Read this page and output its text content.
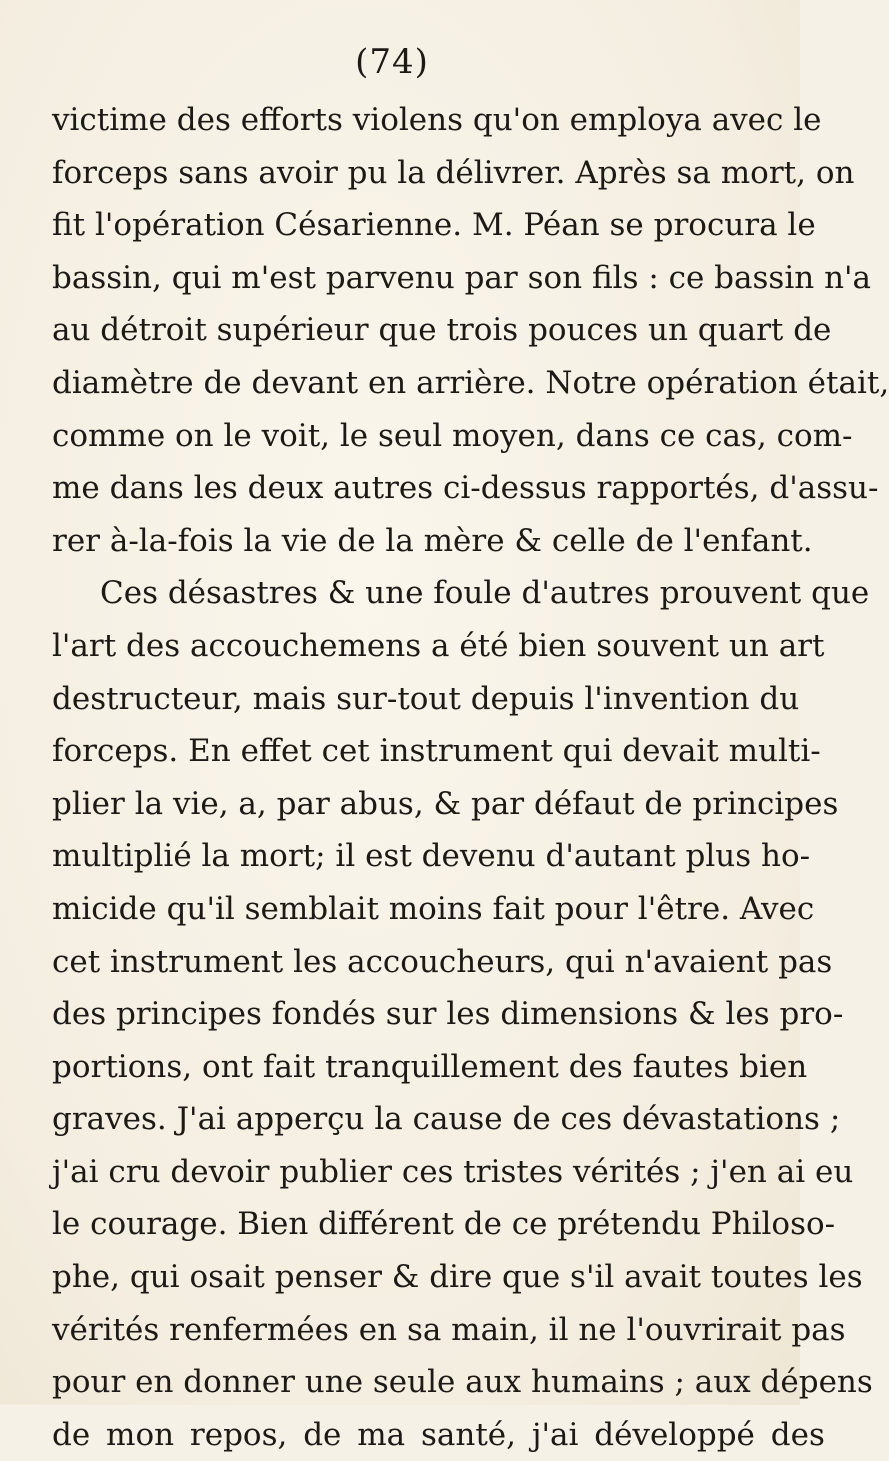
(74)
victime des efforts violens qu'on employa avec le
forceps sans avoir pu la délivrer. Après sa mort, on
fit l'opération Césarienne. M. Péan se procura le
bassin, qui m'est parvenu par son fils : ce bassin n'a
au détroit supérieur que trois pouces un quart de
diamètre de devant en arrière. Notre opération était,
comme on le voit, le seul moyen, dans ce cas, com-
me dans les deux autres ci-dessus rapportés, d'assu-
rer à-la-fois la vie de la mère & celle de l'enfant.
Ces désastres & une foule d'autres prouvent que
l'art des accouchemens a été bien souvent un art
destructeur, mais sur-tout depuis l'invention du
forceps. En effet cet instrument qui devait multi-
plier la vie, a, par abus, & par défaut de principes
multiplié la mort; il est devenu d'autant plus ho-
micide qu'il semblait moins fait pour l'être. Avec
cet instrument les accoucheurs, qui n'avaient pas
des principes fondés sur les dimensions & les pro-
portions, ont fait tranquillement des fautes bien
graves. J'ai apperçu la cause de ces dévastations ;
j'ai cru devoir publier ces tristes vérités ; j'en ai eu
le courage. Bien différent de ce prétendu Philoso-
phe, qui osait penser & dire que s'il avait toutes les
vérités renfermées en sa main, il ne l'ouvrirait pas
pour en donner une seule aux humains ; aux dépens
de mon repos, de ma santé, j'ai développé des
